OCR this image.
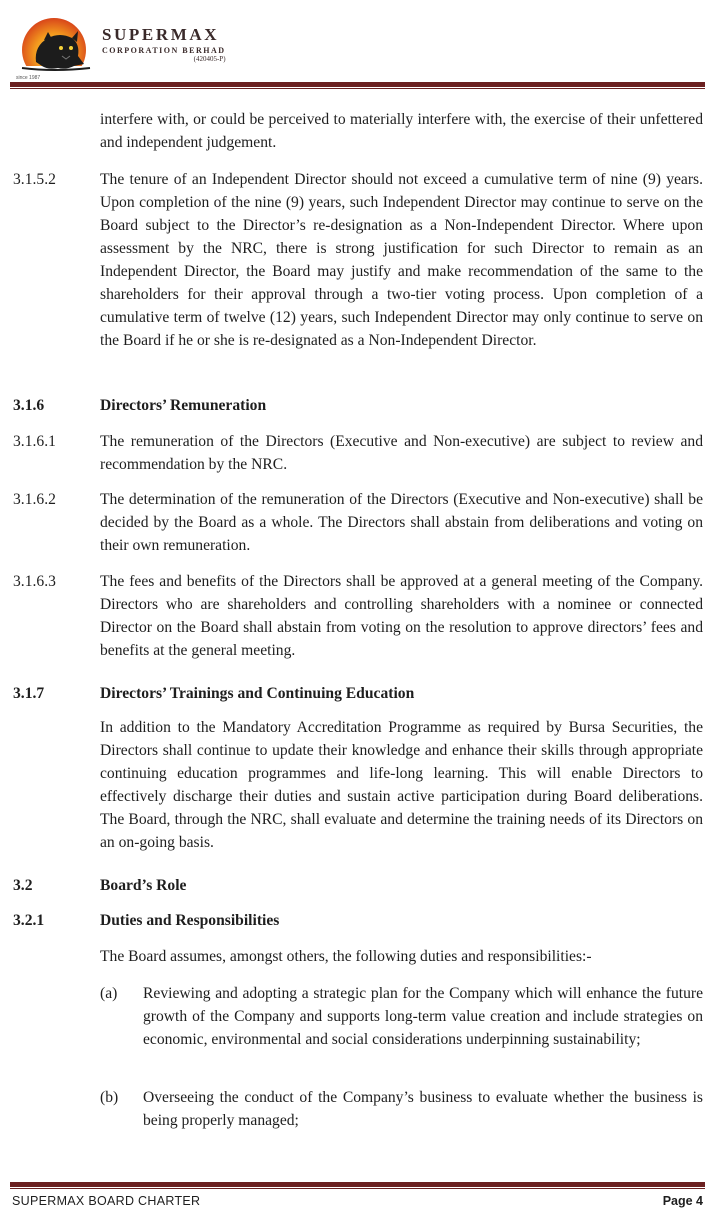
SUPERMAX
CORPORATION BERHAD
(420405-P)
since 1987
interfere with, or could be perceived to materially interfere with, the exercise of their unfettered and independent judgement.
3.1.5.2	The tenure of an Independent Director should not exceed a cumulative term of nine (9) years. Upon completion of the nine (9) years, such Independent Director may continue to serve on the Board subject to the Director’s re-designation as a Non-Independent Director. Where upon assessment by the NRC, there is strong justification for such Director to remain as an Independent Director, the Board may justify and make recommendation of the same to the shareholders for their approval through a two-tier voting process. Upon completion of a cumulative term of twelve (12) years, such Independent Director may only continue to serve on the Board if he or she is re-designated as a Non-Independent Director.
3.1.6	Directors’ Remuneration
3.1.6.1	The remuneration of the Directors (Executive and Non-executive) are subject to review and recommendation by the NRC.
3.1.6.2	The determination of the remuneration of the Directors (Executive and Non-executive) shall be decided by the Board as a whole. The Directors shall abstain from deliberations and voting on their own remuneration.
3.1.6.3	The fees and benefits of the Directors shall be approved at a general meeting of the Company. Directors who are shareholders and controlling shareholders with a nominee or connected Director on the Board shall abstain from voting on the resolution to approve directors’ fees and benefits at the general meeting.
3.1.7	Directors’ Trainings and Continuing Education
In addition to the Mandatory Accreditation Programme as required by Bursa Securities, the Directors shall continue to update their knowledge and enhance their skills through appropriate continuing education programmes and life-long learning. This will enable Directors to effectively discharge their duties and sustain active participation during Board deliberations. The Board, through the NRC, shall evaluate and determine the training needs of its Directors on an on-going basis.
3.2	Board’s Role
3.2.1	Duties and Responsibilities
The Board assumes, amongst others, the following duties and responsibilities:-
(a) Reviewing and adopting a strategic plan for the Company which will enhance the future growth of the Company and supports long-term value creation and include strategies on economic, environmental and social considerations underpinning sustainability;
(b) Overseeing the conduct of the Company’s business to evaluate whether the business is being properly managed;
SUPERMAX BOARD CHARTER	Page 4
